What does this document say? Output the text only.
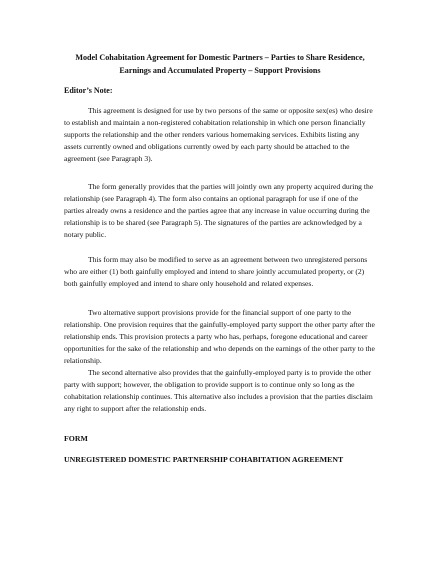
Model Cohabitation Agreement for Domestic Partners – Parties to Share Residence, Earnings and Accumulated Property – Support Provisions
Editor’s Note:
This agreement is designed for use by two persons of the same or opposite sex(es) who desire to establish and maintain a non-registered cohabitation relationship in which one person financially supports the relationship and the other renders various homemaking services. Exhibits listing any assets currently owned and obligations currently owed by each party should be attached to the agreement (see Paragraph 3).
The form generally provides that the parties will jointly own any property acquired during the relationship (see Paragraph 4). The form also contains an optional paragraph for use if one of the parties already owns a residence and the parties agree that any increase in value occurring during the relationship is to be shared (see Paragraph 5). The signatures of the parties are acknowledged by a notary public.
This form may also be modified to serve as an agreement between two unregistered persons who are either (1) both gainfully employed and intend to share jointly accumulated property, or (2) both gainfully employed and intend to share only household and related expenses.
Two alternative support provisions provide for the financial support of one party to the relationship. One provision requires that the gainfully-employed party support the other party after the relationship ends. This provision protects a party who has, perhaps, foregone educational and career opportunities for the sake of the relationship and who depends on the earnings of the other party to the relationship.
The second alternative also provides that the gainfully-employed party is to provide the other party with support; however, the obligation to provide support is to continue only so long as the cohabitation relationship continues. This alternative also includes a provision that the parties disclaim any right to support after the relationship ends.
FORM
UNREGISTERED DOMESTIC PARTNERSHIP COHABITATION AGREEMENT
